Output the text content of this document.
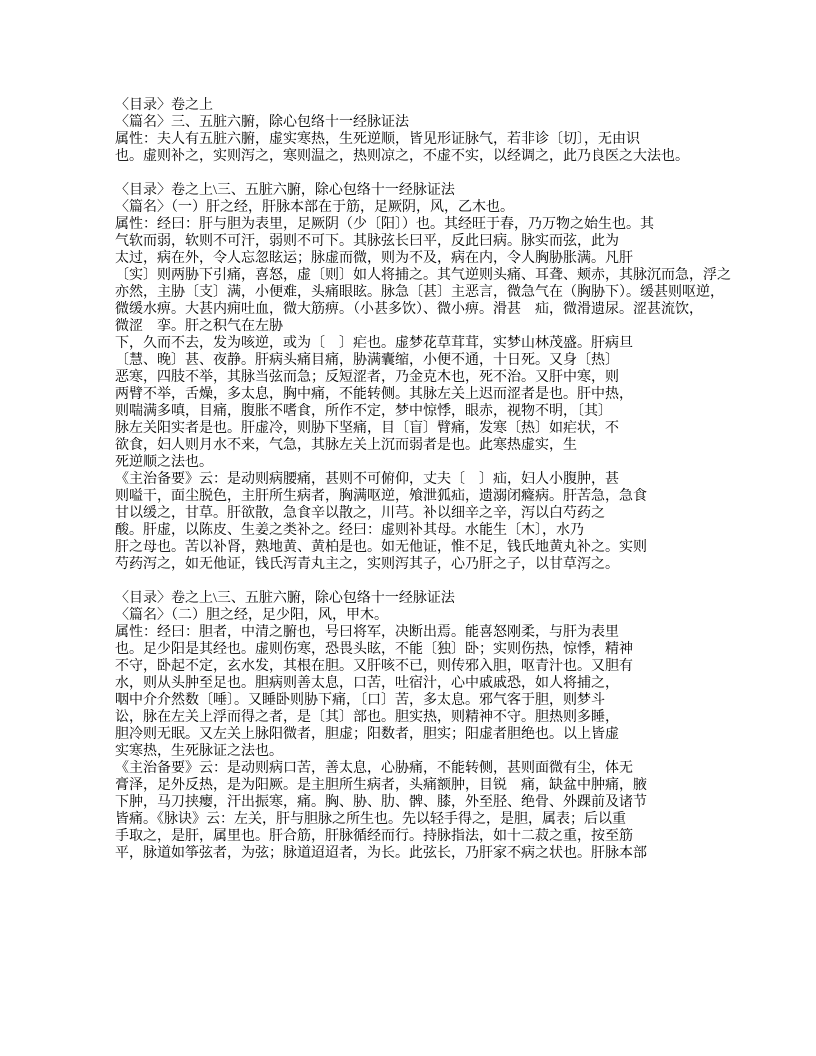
〈目录〉卷之上
〈篇名〉三、五脏六腑，除心包络十一经脉证法
属性：夫人有五脏六腑，虚实寒热，生死逆顺，皆见形证脉气，若非诊〔切〕，无由识
也。虚则补之，实则泻之，寒则温之，热则凉之，不虚不实，以经调之，此乃良医之大法也。

〈目录〉卷之上\三、五脏六腑，除心包络十一经脉证法
〈篇名〉（一）肝之经，肝脉本部在于筋，足厥阴，风，乙木也。
属性：经曰：肝与胆为表里，足厥阴（少〔阳〕）也。其经旺于春，乃万物之始生也。其
气软而弱，软则不可汗，弱则不可下。其脉弦长曰平，反此曰病。脉实而弦，此为
太过，病在外，令人忘忽眩运；脉虚而微，则为不及，病在内，令人胸胁胀满。凡肝
〔实〕则两胁下引痛，喜怒，虚〔则〕如人将捕之。其气逆则头痛、耳聋、颊赤，其脉沉而急，浮之
亦然，主胁〔支〕满，小便难，头痛眼眩。脉急〔甚〕主恶言，微急气在（胸胁下）。缓甚则呕逆，
微缓水痹。大甚内痈吐血，微大筋痹。（小甚多饮）、微小痹。滑甚　疝，微滑遗尿。涩甚流饮，
微涩　挛。肝之积气在左胁
下，久而不去，发为咳逆，或为〔　〕疟也。虚梦花草茸茸，实梦山林茂盛。肝病旦
〔慧、晚〕甚、夜静。肝病头痛目痛，胁满囊缩，小便不通，十日死。又身〔热〕
恶寒，四肢不举，其脉当弦而急；反短涩者，乃金克木也，死不治。又肝中寒，则
两臂不举，舌燥，多太息，胸中痛，不能转侧。其脉左关上迟而涩者是也。肝中热，
则喘满多嗔，目痛，腹胀不嗜食，所作不定，梦中惊悸，眼赤，视物不明，〔其〕
脉左关阳实者是也。肝虚冷，则胁下坚痛，目〔盲〕臂痛，发寒〔热〕如疟状，不
欲食，妇人则月水不来，气急，其脉左关上沉而弱者是也。此寒热虚实，生
死逆顺之法也。
《主治备要》云：是动则病腰痛，甚则不可俯仰，丈夫〔　〕疝，妇人小腹肿，甚
则嗌干，面尘脱色，主肝所生病者，胸满呕逆，飧泄狐疝，遗溺闭癃病。肝苦急，急食
甘以缓之，甘草。肝欲散，急食辛以散之，川芎。补以细辛之辛，泻以白芍药之
酸。肝虚，以陈皮、生姜之类补之。经曰：虚则补其母。水能生〔木〕，水乃
肝之母也。苦以补肾，熟地黄、黄柏是也。如无他证，惟不足，钱氏地黄丸补之。实则
芍药泻之，如无他证，钱氏泻青丸主之，实则泻其子，心乃肝之子，以甘草泻之。

〈目录〉卷之上\三、五脏六腑，除心包络十一经脉证法
〈篇名〉（二）胆之经，足少阳，风，甲木。
属性：经曰：胆者，中清之腑也，号曰将军，决断出焉。能喜怒刚柔，与肝为表里
也。足少阳是其经也。虚则伤寒，恐畏头眩，不能〔独〕卧；实则伤热，惊悸，精神
不守，卧起不定，玄水发，其根在胆。又肝咳不已，则传邪入胆，呕青汁也。又胆有
水，则从头肿至足也。胆病则善太息，口苦，吐宿汁，心中戚戚恐，如人将捕之，
咽中介介然数〔唾〕。又睡卧则胁下痛，〔口〕苦，多太息。邪气客于胆，则梦斗
讼，脉在左关上浮而得之者，是〔其〕部也。胆实热，则精神不守。胆热则多睡，
胆冷则无眠。又左关上脉阳微者，胆虚；阳数者，胆实；阳虚者胆绝也。以上皆虚
实寒热，生死脉证之法也。
《主治备要》云：是动则病口苦，善太息，心胁痛，不能转侧，甚则面微有尘，体无
膏泽，足外反热，是为阳厥。是主胆所生病者，头痛额肿，目锐　痛，缺盆中肿痛，腋
下肿，马刀挟瘿，汗出振寒，痛。胸、胁、肋、髀、膝，外至胫、绝骨、外踝前及诸节
皆痛。《脉诀》云：左关，肝与胆脉之所生也。先以轻手得之，是胆，属表；后以重
手取之，是肝，属里也。肝合筋，肝脉循经而行。持脉指法，如十二菽之重，按至筋
平，脉道如筝弦者，为弦；脉道迢迢者，为长。此弦长，乃肝家不病之状也。肝脉本部
